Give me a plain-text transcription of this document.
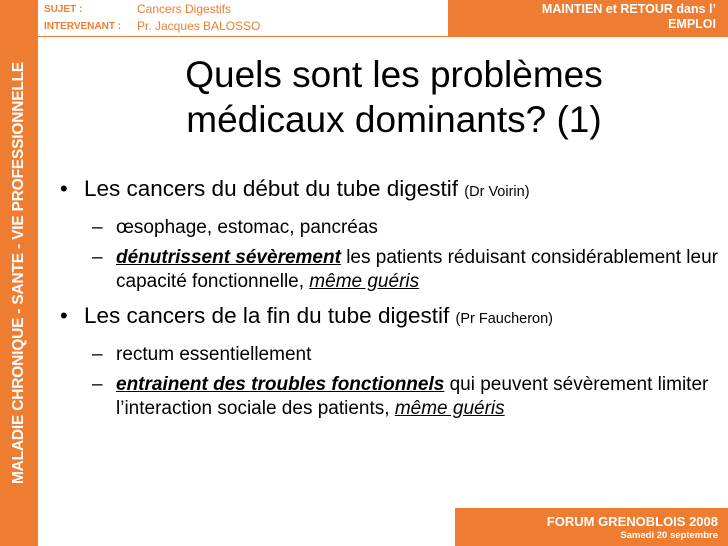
MALADIE CHRONIQUE - SANTE - VIE PROFESSIONNELLE
SUJET :	Cancers Digestifs
INTERVENANT : Pr. Jacques BALOSSO
MAINTIEN et RETOUR dans l’
EMPLOI
Quels sont les problèmes
médicaux dominants? (1)
• Les cancers du début du tube digestif (Dr Voirin)
– œsophage, estomac, pancréas
– dénutrissent sévèrement les patients réduisant considérablement leur capacité fonctionnelle, même guéris
• Les cancers de la fin du tube digestif (Pr Faucheron)
– rectum essentiellement
– entrainent des troubles fonctionnels qui peuvent sévèrement limiter l’interaction sociale des patients, même guéris
FORUM GRENOBLOIS 2008
Samedi 20 septembre
